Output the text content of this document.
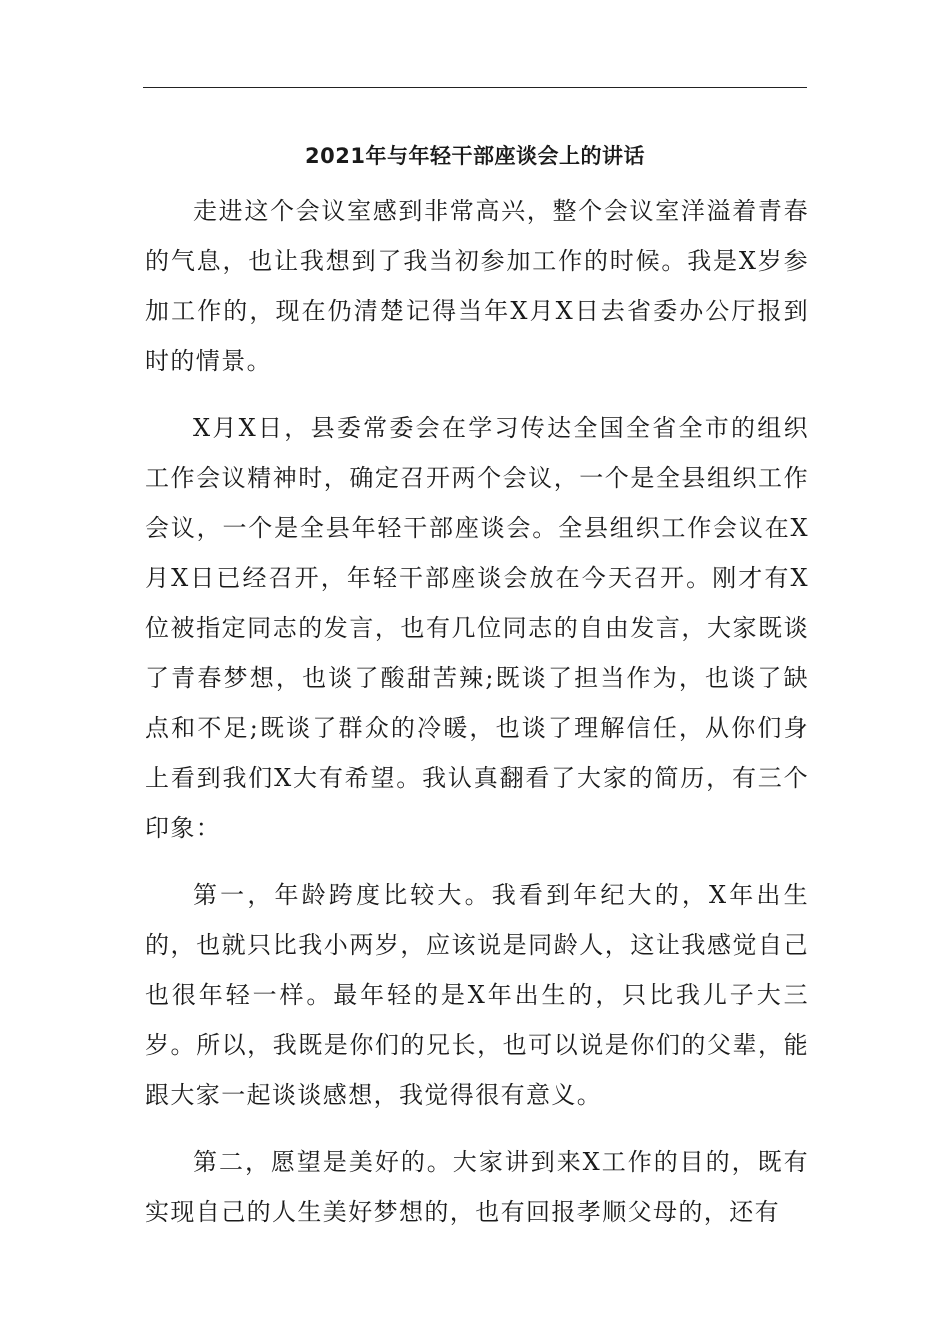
2021年与年轻干部座谈会上的讲话

走进这个会议室感到非常高兴，整个会议室洋溢着青春的气息，也让我想到了我当初参加工作的时候。我是X岁参加工作的，现在仍清楚记得当年X月X日去省委办公厅报到时的情景。

X月X日，县委常委会在学习传达全国全省全市的组织工作会议精神时，确定召开两个会议，一个是全县组织工作会议，一个是全县年轻干部座谈会。全县组织工作会议在X月X日已经召开，年轻干部座谈会放在今天召开。刚才有X位被指定同志的发言，也有几位同志的自由发言，大家既谈了青春梦想，也谈了酸甜苦辣;既谈了担当作为，也谈了缺点和不足;既谈了群众的冷暖，也谈了理解信任，从你们身上看到我们X大有希望。我认真翻看了大家的简历，有三个印象：

第一，年龄跨度比较大。我看到年纪大的，X年出生的，也就只比我小两岁，应该说是同龄人，这让我感觉自己也很年轻一样。最年轻的是X年出生的，只比我儿子大三岁。所以，我既是你们的兄长，也可以说是你们的父辈，能跟大家一起谈谈感想，我觉得很有意义。

第二，愿望是美好的。大家讲到来X工作的目的，既有实现自己的人生美好梦想的，也有回报孝顺父母的，还有
